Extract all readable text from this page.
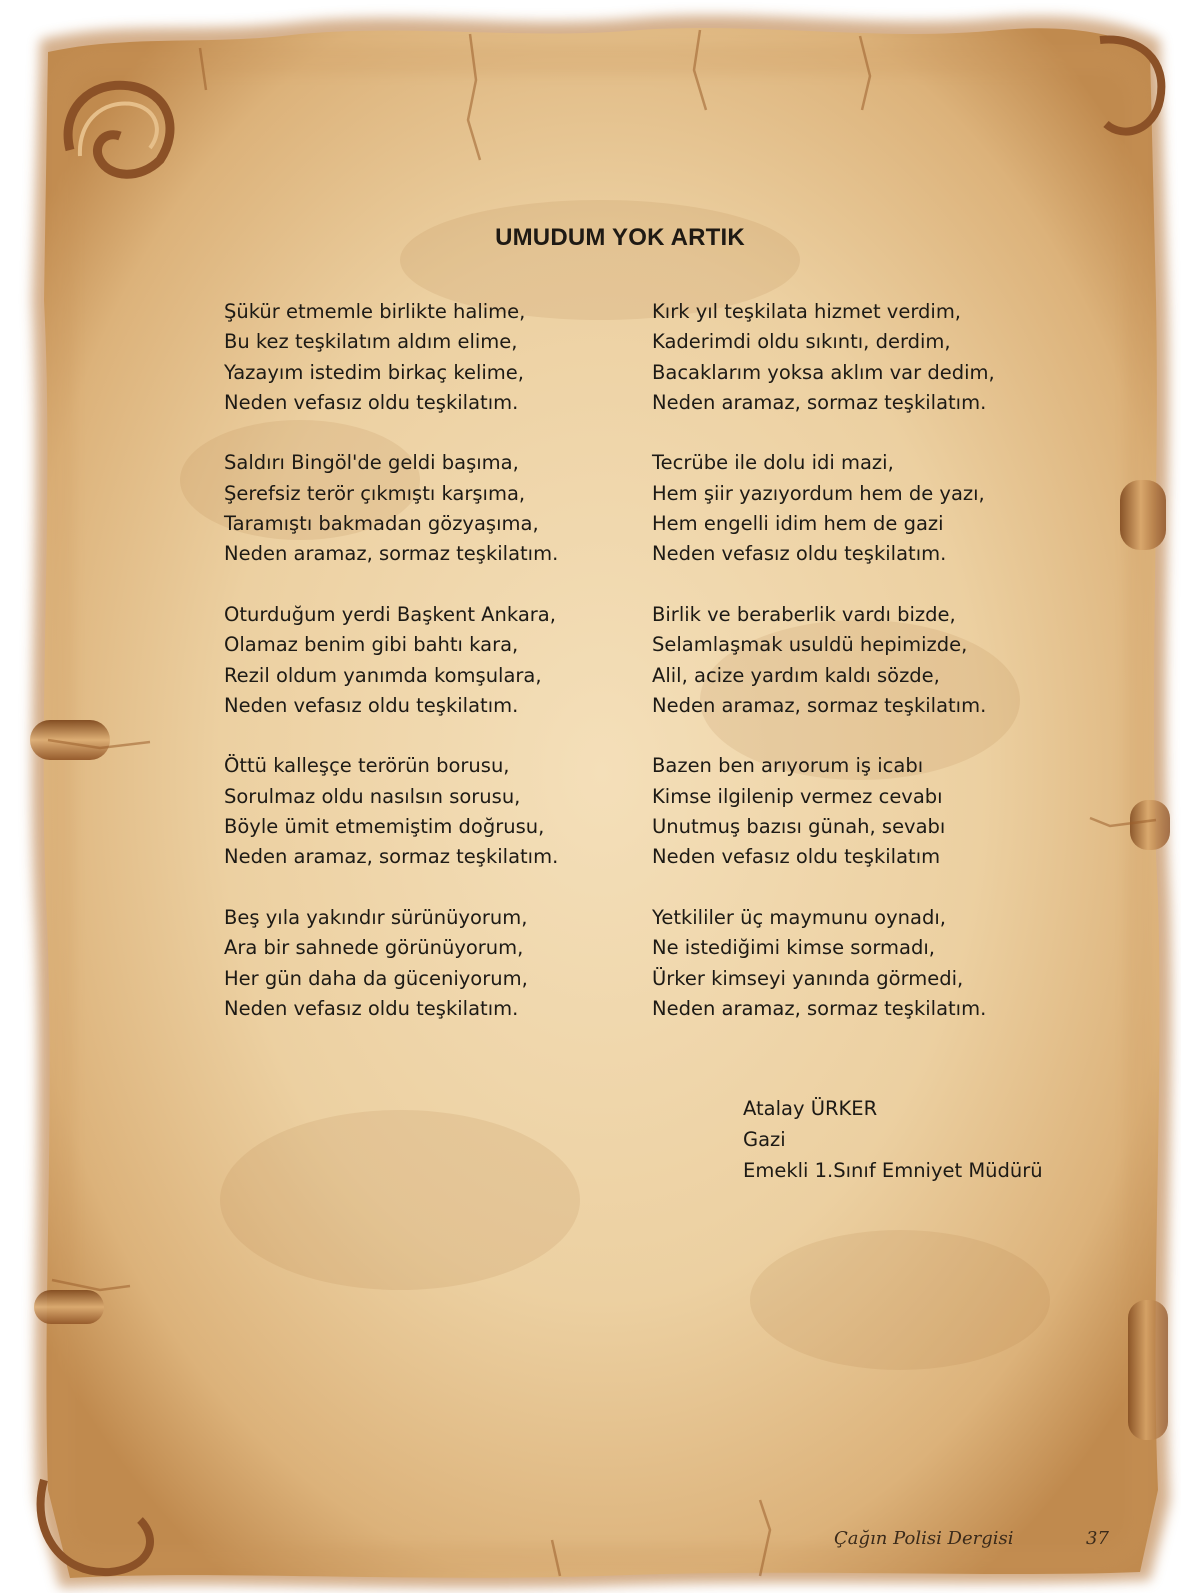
UMUDUM YOK ARTIK
Şükür etmemle birlikte halime,
Bu kez teşkilatım aldım elime,
Yazayım istedim birkaç kelime,
Neden vefasız oldu teşkilatım.
Saldırı Bingöl'de geldi başıma,
Şerefsiz terör çıkmıştı karşıma,
Taramıştı bakmadan gözyaşıma,
Neden aramaz, sormaz teşkilatım.
Oturduğum yerdi Başkent Ankara,
Olamaz benim gibi bahtı kara,
Rezil oldum yanımda komşulara,
Neden vefasız oldu teşkilatım.
Öttü kalleşçe terörün borusu,
Sorulmaz oldu nasılsın sorusu,
Böyle ümit etmemiştim doğrusu,
Neden aramaz, sormaz teşkilatım.
Beş yıla yakındır sürünüyorum,
Ara bir sahnede görünüyorum,
Her gün daha da güceniyorum,
Neden vefasız oldu teşkilatım.
Kırk yıl teşkilata hizmet verdim,
Kaderimdi oldu sıkıntı, derdim,
Bacaklarım yoksa aklım var dedim,
Neden aramaz, sormaz teşkilatım.
Tecrübe ile dolu idi mazi,
Hem şiir yazıyordum hem de yazı,
Hem engelli idim hem de gazi
Neden vefasız oldu teşkilatım.
Birlik ve beraberlik vardı bizde,
Selamlaşmak usuldü hepimizde,
Alil, acize yardım kaldı sözde,
Neden aramaz, sormaz teşkilatım.
Bazen ben arıyorum iş icabı
Kimse ilgilenip vermez cevabı
Unutmuş bazısı günah, sevabı
Neden vefasız oldu teşkilatım
Yetkililer üç maymunu oynadı,
Ne istediğimi kimse sormadı,
Ürker kimseyi yanında görmedi,
Neden aramaz, sormaz teşkilatım.
Atalay ÜRKER
Gazi
Emekli 1.Sınıf Emniyet Müdürü
Çağın Polisi Dergisi	37
